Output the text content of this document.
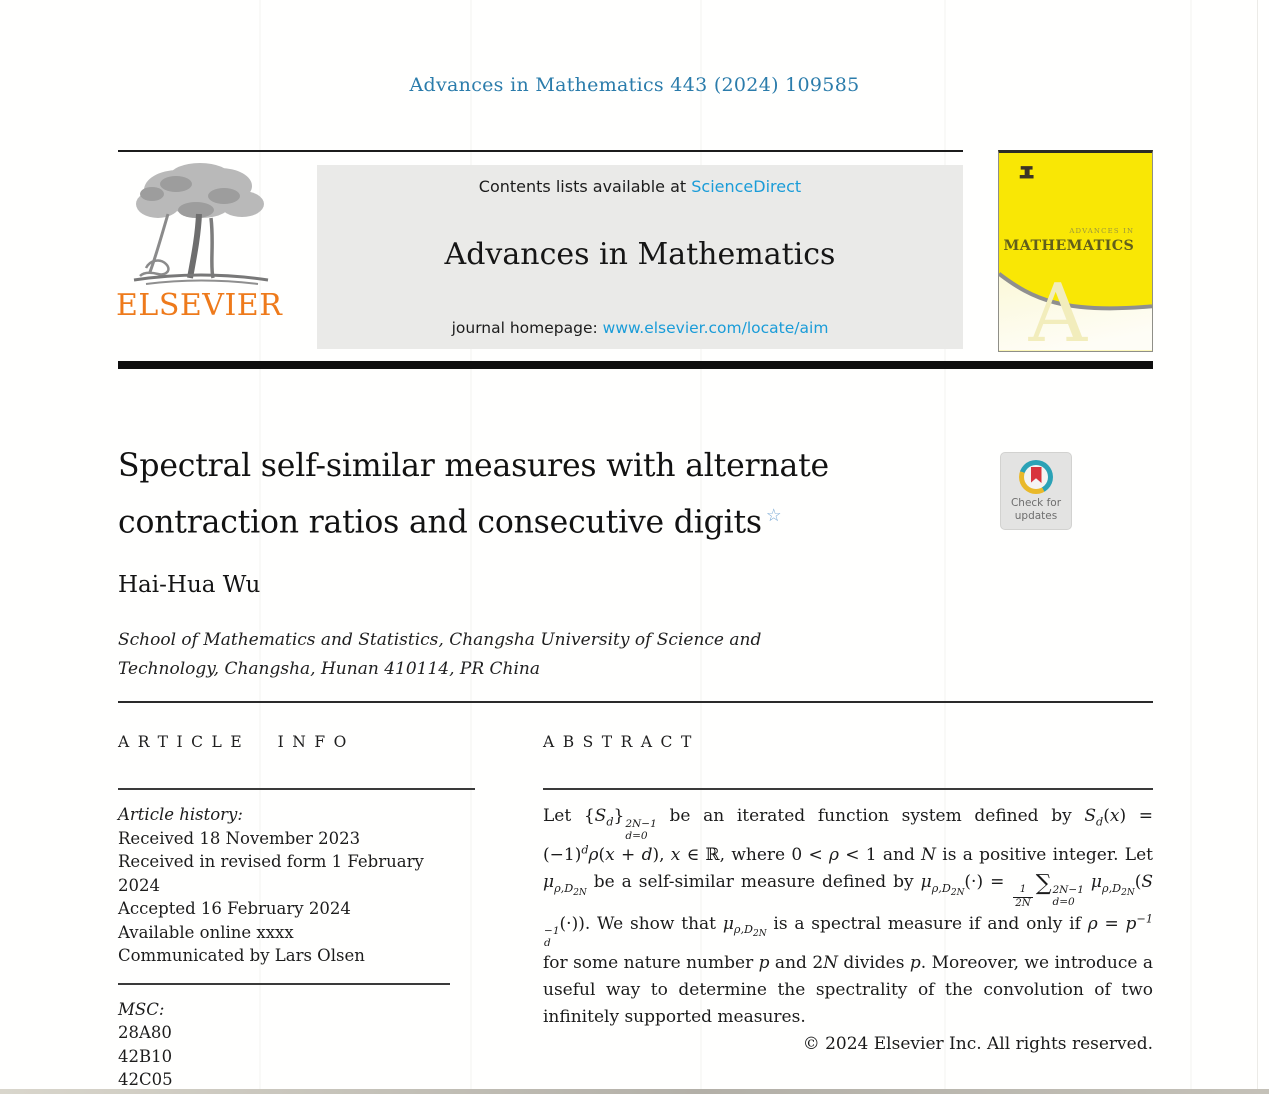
Advances in Mathematics 443 (2024) 109585
ELSEVIER
Contents lists available at ScienceDirect
Advances in Mathematics
journal homepage: www.elsevier.com/locate/aim	A
ADVANCES IN
MATHEMATICS
Spectral self-similar measures with alternate
contraction ratios and consecutive digits ☆
Check for
updates
Hai-Hua Wu
School of Mathematics and Statistics, Changsha University of Science and
Technology, Changsha, Hunan 410114, PR China
ARTICLE INFO
Article history:
Received 18 November 2023
Received in revised form 1 February 2024
Accepted 16 February 2024
Available online xxxx
Communicated by Lars Olsen
MSC:
28A80
42B10
42C05
ABSTRACT

Let $\{S_d\}$ 2N−1
d=0
be an iterated function system defined by $S_d(x) = (-1)^d\rho(x + d)$, x ∈ ℝ, where 0 < ρ < 1 and N is a positive integer. Let $\mu_{\rho,D_{2N}}$ be a self-similar measure defined by $\mu_{\rho,D_{2N}}(\cdot)$ =
$\frac{1}{2N}$
∑ 2N−1
d=0
$\mu_{\rho,D_{2N}}(S$
−1
d
(·)). We show that $\mu_{\rho,D_{2N}}$ is a spectral measure if and only if $\rho = p^{-1}$ for some nature number p and 2N divides p. Moreover, we introduce a useful way to determine the spectrality of the convolution of two infinitely supported measures.

© 2024 Elsevier Inc. All rights reserved.
